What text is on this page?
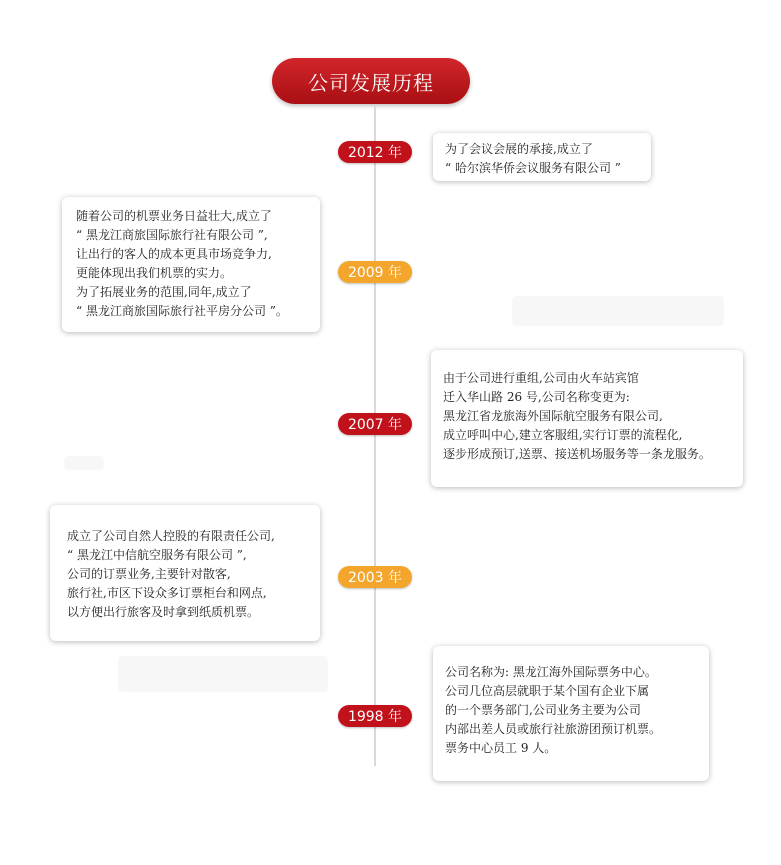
公司发展历程
2012 年	为了会议会展的承接,成立了
“ 哈尔滨华侨会议服务有限公司 ”
2009 年
随着公司的机票业务日益壮大,成立了
“ 黑龙江商旅国际旅行社有限公司 ”,
让出行的客人的成本更具市场竞争力,
更能体现出我们机票的实力。
为了拓展业务的范围,同年,成立了
“ 黑龙江商旅国际旅行社平房分公司 ”。
2007 年
由于公司进行重组,公司由火车站宾馆
迁入华山路 26 号,公司名称变更为:
黑龙江省龙旅海外国际航空服务有限公司,
成立呼叫中心,建立客服组,实行订票的流程化,
逐步形成预订,送票、接送机场服务等一条龙服务。
2003 年
成立了公司自然人控股的有限责任公司,
“ 黑龙江中信航空服务有限公司 ”,
公司的订票业务,主要针对散客,
旅行社,市区下设众多订票柜台和网点,
以方便出行旅客及时拿到纸质机票。
1998 年
公司名称为: 黑龙江海外国际票务中心。
公司几位高层就职于某个国有企业下属
的一个票务部门,公司业务主要为公司
内部出差人员或旅行社旅游团预订机票。
票务中心员工 9 人。
